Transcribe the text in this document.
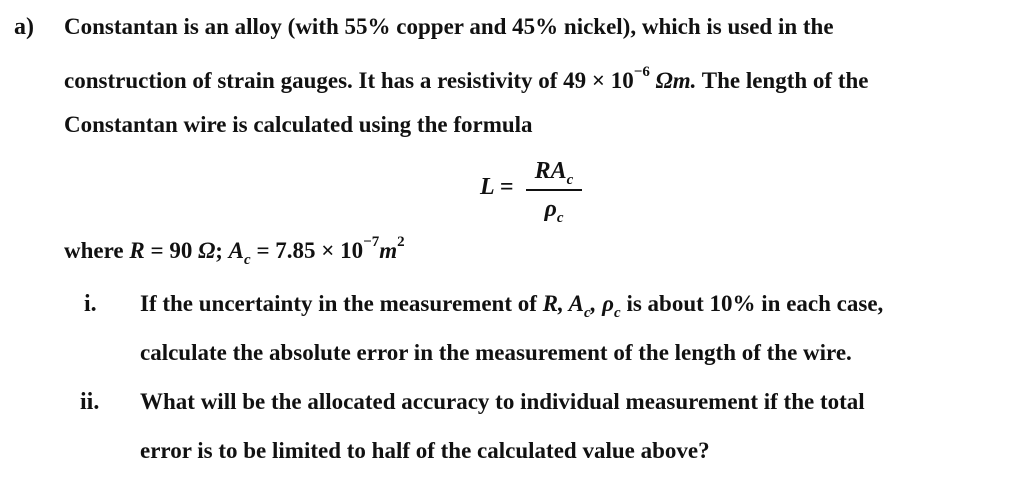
a) Constantan is an alloy (with 55% copper and 45% nickel), which is used in the
construction of strain gauges. It has a resistivity of $49 \times 10^{-6}$ Ωm. The length of the
Constantan wire is calculated using the formula
L =
$RA_c$
$\rho_c$
where R = 90 Ω; $A_c = 7.85 \times 10^{-7}m^2$
i. If the uncertainty in the measurement of R, $A_c$, $\rho_c$ is about 10% in each case,
calculate the absolute error in the measurement of the length of the wire.
ii. What will be the allocated accuracy to individual measurement if the total
error is to be limited to half of the calculated value above?
